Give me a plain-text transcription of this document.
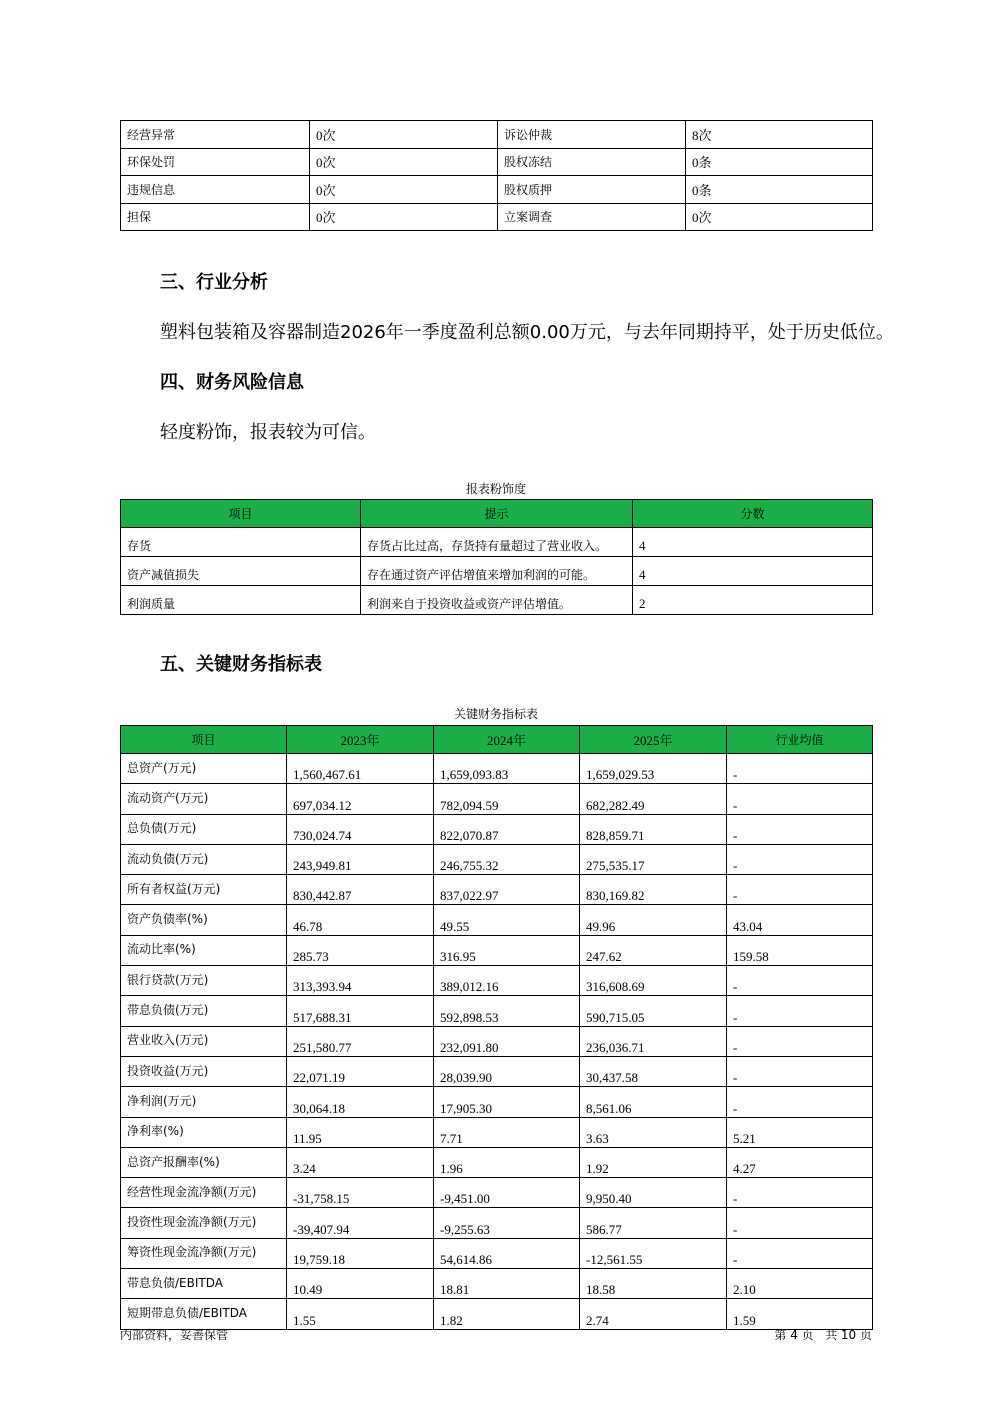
经营异常	0次	诉讼仲裁	8次
环保处罚	0次	股权冻结	0条
违规信息	0次	股权质押	0条
担保	0次	立案调查	0次
三、行业分析

塑料包装箱及容器制造2026年一季度盈利总额0.00万元，与去年同期持平，处于历史低位。

四、财务风险信息

轻度粉饰，报表较为可信。

报表粉饰度
项目	提示	分数
存货	存货占比过高，存货持有量超过了营业收入。	4
资产减值损失	存在通过资产评估增值来增加利润的可能。	4
利润质量	利润来自于投资收益或资产评估增值。	2
五、关键财务指标表
关键财务指标表
项目	2023年	2024年	2025年	行业均值
总资产(万元)	1,560,467.61	1,659,093.83	1,659,029.53	-
流动资产(万元)	697,034.12	782,094.59	682,282.49	-
总负债(万元)	730,024.74	822,070.87	828,859.71	-
流动负债(万元)	243,949.81	246,755.32	275,535.17	-
所有者权益(万元)	830,442.87	837,022.97	830,169.82	-
资产负债率(%)	46.78	49.55	49.96	43.04
流动比率(%)	285.73	316.95	247.62	159.58
银行贷款(万元)	313,393.94	389,012.16	316,608.69	-
带息负债(万元)	517,688.31	592,898.53	590,715.05	-
营业收入(万元)	251,580.77	232,091.80	236,036.71	-
投资收益(万元)	22,071.19	28,039.90	30,437.58	-
净利润(万元)	30,064.18	17,905.30	8,561.06	-
净利率(%)	11.95	7.71	3.63	5.21
总资产报酬率(%)	3.24	1.96	1.92	4.27
经营性现金流净额(万元)	-31,758.15	-9,451.00	9,950.40	-
投资性现金流净额(万元)	-39,407.94	-9,255.63	586.77	-
筹资性现金流净额(万元)	19,759.18	54,614.86	-12,561.55	-
带息负债/EBITDA	10.49	18.81	18.58	2.10
短期带息负债/EBITDA	1.55	1.82	2.74	1.59
内部资料，妥善保管	第 4 页   共 10 页
